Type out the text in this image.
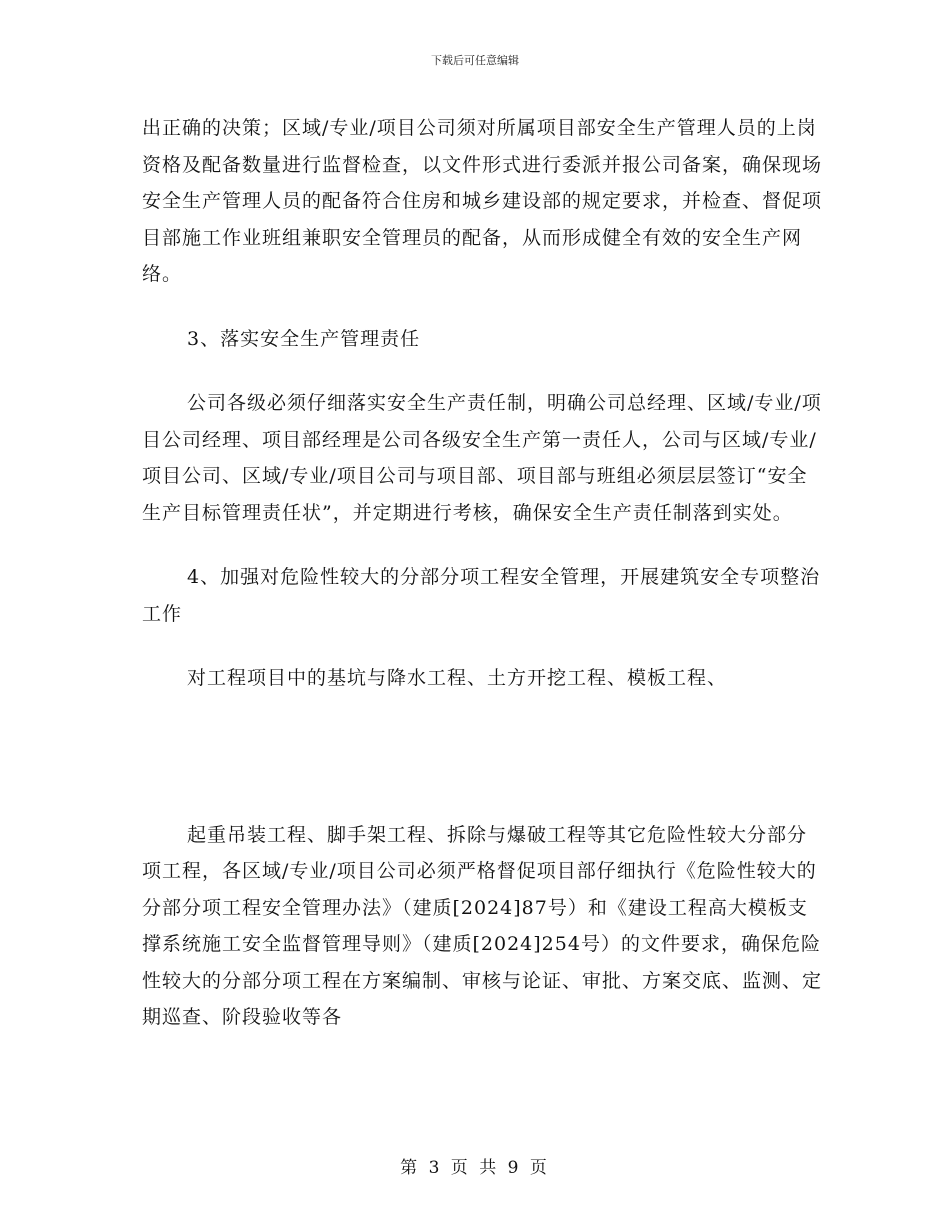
下载后可任意编辑

出正确的决策；区域/专业/项目公司须对所属项目部安全生产管理人员的上岗资格及配备数量进行监督检查，以文件形式进行委派并报公司备案，确保现场安全生产管理人员的配备符合住房和城乡建设部的规定要求，并检查、督促项目部施工作业班组兼职安全管理员的配备，从而形成健全有效的安全生产网络。

3、落实安全生产管理责任

公司各级必须仔细落实安全生产责任制，明确公司总经理、区域/专业/项目公司经理、项目部经理是公司各级安全生产第一责任人，公司与区域/专业/项目公司、区域/专业/项目公司与项目部、项目部与班组必须层层签订“安全生产目标管理责任状”，并定期进行考核，确保安全生产责任制落到实处。

4、加强对危险性较大的分部分项工程安全管理，开展建筑安全专项整治工作

对工程项目中的基坑与降水工程、土方开挖工程、模板工程、

起重吊装工程、脚手架工程、拆除与爆破工程等其它危险性较大分部分项工程，各区域/专业/项目公司必须严格督促项目部仔细执行《危险性较大的分部分项工程安全管理办法》（建质[2024]87号）和《建设工程高大模板支撑系统施工安全监督管理导则》（建质[2024]254号）的文件要求，确保危险性较大的分部分项工程在方案编制、审核与论证、审批、方案交底、监测、定期巡查、阶段验收等各

第 3 页 共 9 页
